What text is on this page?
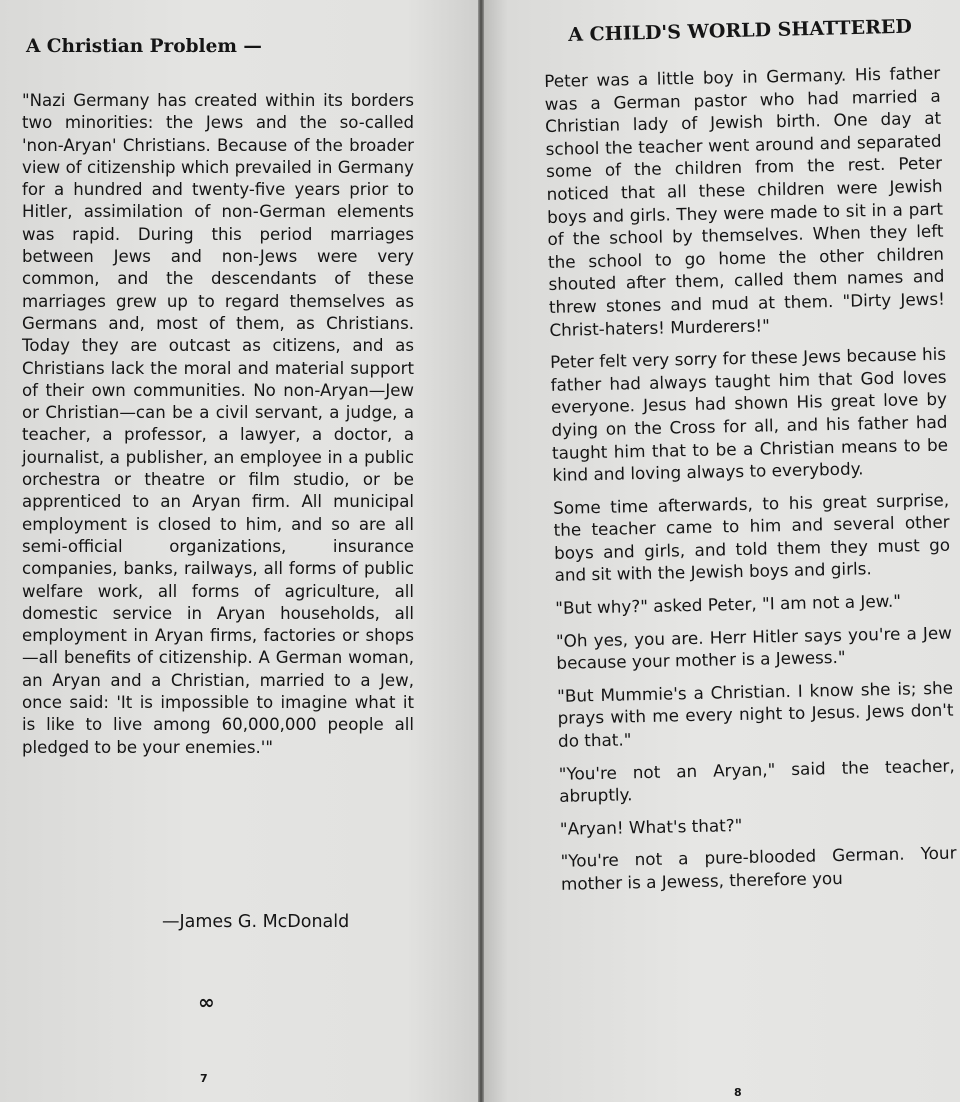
A Christian Problem —

"Nazi Germany has created within its borders two minorities: the Jews and the so-called 'non-Aryan' Christians. Because of the broader view of citizenship which prevailed in Germany for a hundred and twenty-five years prior to Hitler, assimilation of non-German elements was rapid. During this period marriages between Jews and non-Jews were very common, and the descendants of these marriages grew up to regard themselves as Germans and, most of them, as Christians. Today they are outcast as citizens, and as Christians lack the moral and material support of their own communities. No non-Aryan—Jew or Christian—can be a civil servant, a judge, a teacher, a professor, a lawyer, a doctor, a journalist, a publisher, an employee in a public orchestra or theatre or film studio, or be apprenticed to an Aryan firm. All municipal employment is closed to him, and so are all semi-official organizations, insurance companies, banks, railways, all forms of public welfare work, all forms of agriculture, all domestic service in Aryan households, all employment in Aryan firms, factories or shops—all benefits of citizenship. A German woman, an Aryan and a Christian, married to a Jew, once said: 'It is impossible to imagine what it is like to live among 60,000,000 people all pledged to be your enemies.'"

—James G. McDonald

∞

7

A CHILD'S WORLD SHATTERED

Peter was a little boy in Germany. His father was a German pastor who had married a Christian lady of Jewish birth. One day at school the teacher went around and separated some of the children from the rest. Peter noticed that all these children were Jewish boys and girls. They were made to sit in a part of the school by themselves. When they left the school to go home the other children shouted after them, called them names and threw stones and mud at them. "Dirty Jews! Christ-haters! Murderers!"

Peter felt very sorry for these Jews because his father had always taught him that God loves everyone. Jesus had shown His great love by dying on the Cross for all, and his father had taught him that to be a Christian means to be kind and loving always to everybody.

Some time afterwards, to his great surprise, the teacher came to him and several other boys and girls, and told them they must go and sit with the Jewish boys and girls.

"But why?" asked Peter, "I am not a Jew."

"Oh yes, you are. Herr Hitler says you're a Jew because your mother is a Jewess."

"But Mummie's a Christian. I know she is; she prays with me every night to Jesus. Jews don't do that."

"You're not an Aryan," said the teacher, abruptly.

"Aryan! What's that?"

"You're not a pure-blooded German. Your mother is a Jewess, therefore you

8
